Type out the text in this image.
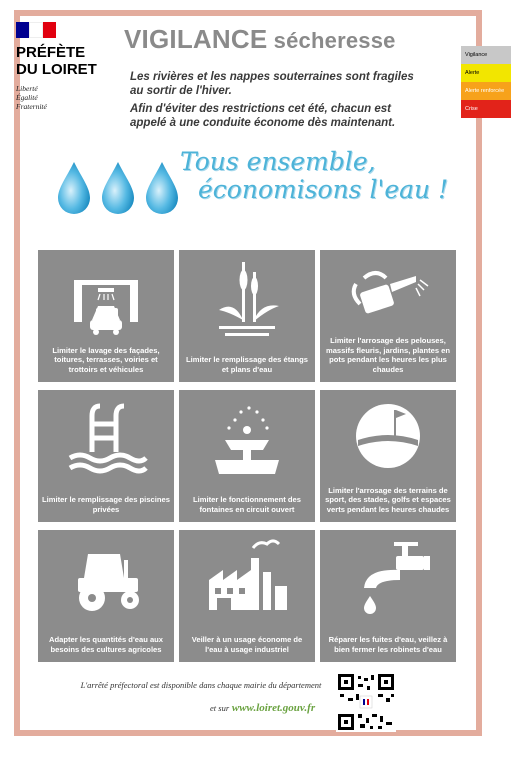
PRÉFÈTE
DU LOIRET
Liberté
Égalité
Fraternité
VIGILANCE sécheresse

Les rivières et les nappes souterraines sont fragiles au sortir de l'hiver.

Afin d'éviter des restrictions cet été, chacun est appelé à une conduite économe dès maintenant.

Tous ensemble,
économisons l'eau !
Vigilance
Alerte
Alerte renforcée
Crise
Limiter le lavage des façades, toitures, terrasses, voiries et trottoirs et véhicules
Limiter le remplissage des étangs et plans d'eau
Limiter l'arrosage des pelouses, massifs fleuris, jardins, plantes en pots pendant les heures les plus chaudes
Limiter le remplissage des piscines privées
Limiter le fonctionnement des fontaines en circuit ouvert
Limiter l'arrosage des terrains de sport, des stades, golfs et espaces verts pendant les heures chaudes
Adapter les quantités d'eau aux besoins des cultures agricoles
Veiller à un usage économe de l'eau à usage industriel
Réparer les fuites d'eau, veillez à bien fermer les robinets d'eau
L'arrêté préfectoral est disponible dans chaque mairie du département
et sur www.loiret.gouv.fr
